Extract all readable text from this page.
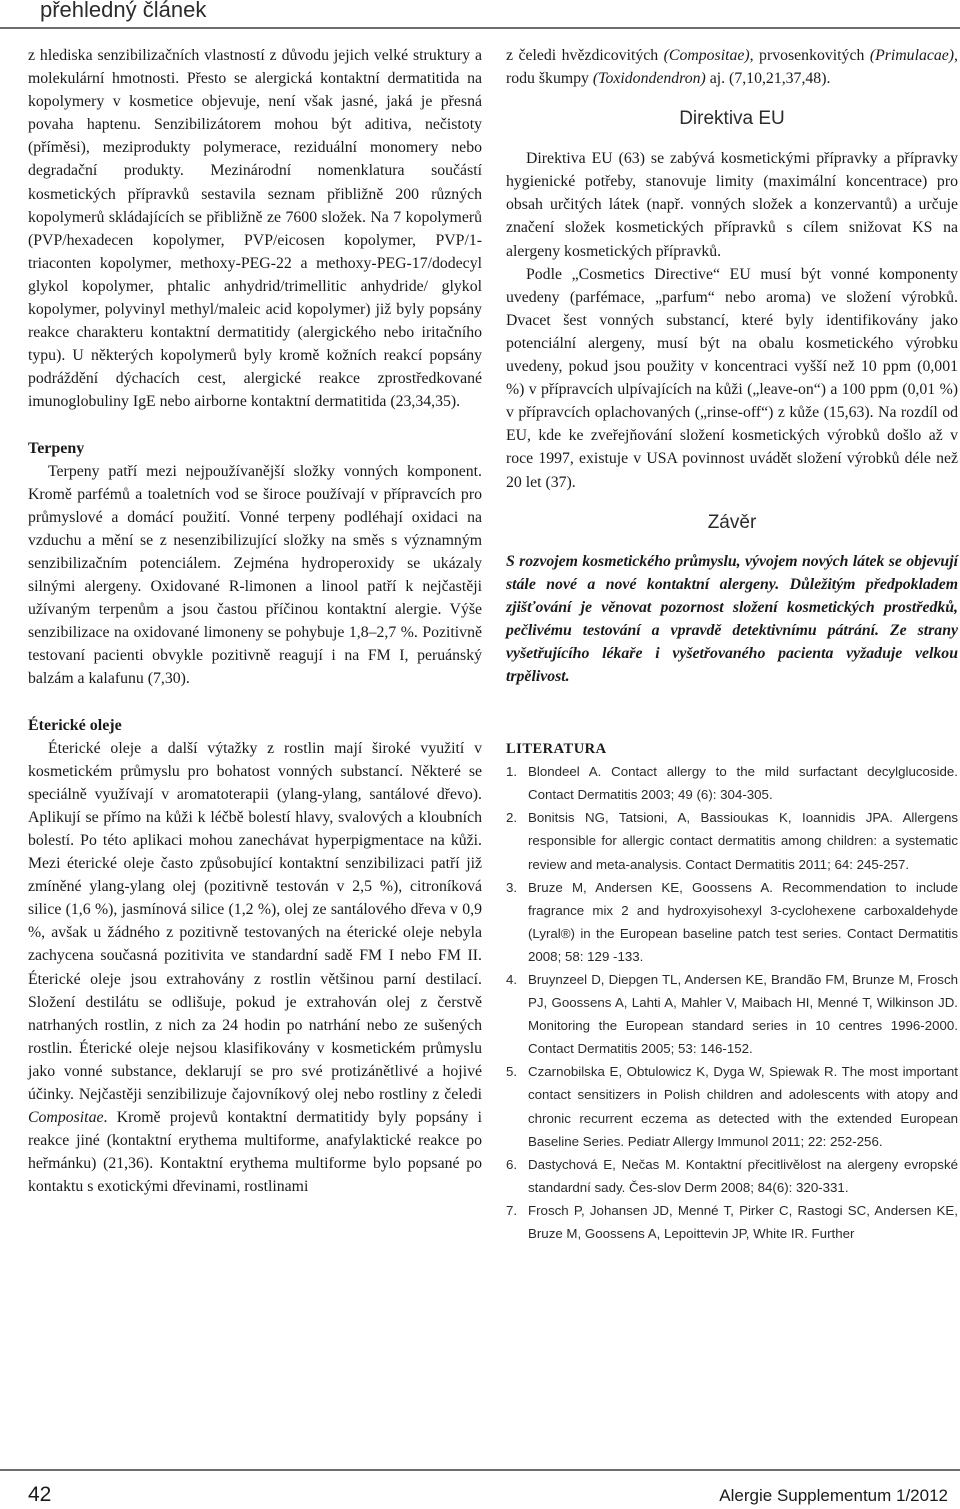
přehledný článek

z hlediska senzibilizačních vlastností z důvodu jejich velké struktury a molekulární hmotnosti. Přesto se alergická kontaktní dermatitida na kopolymery v kosmetice objevuje, není však jasné, jaká je přesná povaha haptenu. Senzibilizátorem mohou být aditiva, nečistoty (příměsi), meziprodukty polymerace, reziduální monomery nebo degradační produkty. Mezinárodní nomenklatura součástí kosmetických přípravků sestavila seznam přibližně 200 různých kopolymerů skládajících se přibližně ze 7600 složek. Na 7 kopolymerů (PVP/hexadecen kopolymer, PVP/eicosen kopolymer, PVP/1-triaconten kopolymer, methoxy-PEG-22 a methoxy-PEG-17/dodecyl glykol kopolymer, phtalic anhydrid/trimellitic anhydride/ glykol kopolymer, polyvinyl methyl/maleic acid kopolymer) již byly popsány reakce charakteru kontaktní dermatitidy (alergického nebo iritačního typu). U některých kopolymerů byly kromě kožních reakcí popsány podráždění dýchacích cest, alergické reakce zprostředkované imunoglobuliny IgE nebo airborne kontaktní dermatitida (23,34,35).

Terpeny

Terpeny patří mezi nejpoužívanější složky vonných komponent. Kromě parfémů a toaletních vod se široce používají v přípravcích pro průmyslové a domácí použití. Vonné terpeny podléhají oxidaci na vzduchu a mění se z nesenzibilizující složky na směs s významným senzibilizačním potenciálem. Zejména hydroperoxidy se ukázaly silnými alergeny. Oxidované R-limonen a linool patří k nejčastěji užívaným terpenům a jsou častou příčinou kontaktní alergie. Výše senzibilizace na oxidované limoneny se pohybuje 1,8–2,7 %. Pozitivně testovaní pacienti obvykle pozitivně reagují i na FM I, peruánský balzám a kalafunu (7,30).

Éterické oleje

Éterické oleje a další výtažky z rostlin mají široké využití v kosmetickém průmyslu pro bohatost vonných substancí. Některé se speciálně využívají v aromatoterapii (ylang-ylang, santálové dřevo). Aplikují se přímo na kůži k léčbě bolestí hlavy, svalových a kloubních bolestí. Po této aplikaci mohou zanechávat hyperpigmentace na kůži. Mezi éterické oleje často způsobující kontaktní senzibilizaci patří již zmíněné ylang-ylang olej (pozitivně testován v 2,5 %), citroníková silice (1,6 %), jasmínová silice (1,2 %), olej ze santálového dřeva v 0,9 %, avšak u žádného z pozitivně testovaných na éterické oleje nebyla zachycena současná pozitivita ve standardní sadě FM I nebo FM II. Éterické oleje jsou extrahovány z rostlin většinou parní destilací. Složení destilátu se odlišuje, pokud je extrahován olej z čerstvě natrhaných rostlin, z nich za 24 hodin po natrhání nebo ze sušených rostlin. Éterické oleje nejsou klasifikovány v kosmetickém průmyslu jako vonné substance, deklarují se pro své protizánětlivé a hojivé účinky. Nejčastěji senzibilizuje čajovníkový olej nebo rostliny z čeledi Compositae. Kromě projevů kontaktní dermatitidy byly popsány i reakce jiné (kontaktní erythema multiforme, anafylaktické reakce po heřmánku) (21,36). Kontaktní erythema multiforme bylo popsané po kontaktu s exotickými dřevinami, rostlinami

z čeledi hvězdicovitých (Compositae), prvosenkovitých (Primulacae), rodu škumpy (Toxidondendron) aj. (7,10,21,37,48).

Direktiva EU

Direktiva EU (63) se zabývá kosmetickými přípravky a přípravky hygienické potřeby, stanovuje limity (maximální koncentrace) pro obsah určitých látek (např. vonných složek a konzervantů) a určuje značení složek kosmetických přípravků s cílem snižovat KS na alergeny kosmetických přípravků.

Podle „Cosmetics Directive“ EU musí být vonné komponenty uvedeny (parfémace, „parfum“ nebo aroma) ve složení výrobků. Dvacet šest vonných substancí, které byly identifikovány jako potenciální alergeny, musí být na obalu kosmetického výrobku uvedeny, pokud jsou použity v koncentraci vyšší než 10 ppm (0,001 %) v přípravcích ulpívajících na kůži („leave-on“) a 100 ppm (0,01 %) v přípravcích oplachovaných („rinse-off“) z kůže (15,63). Na rozdíl od EU, kde ke zveřejňování složení kosmetických výrobků došlo až v roce 1997, existuje v USA povinnost uvádět složení výrobků déle než 20 let (37).

Závěr

S rozvojem kosmetického průmyslu, vývojem nových látek se objevují stále nové a nové kontaktní alergeny. Důležitým předpokladem zjišťování je věnovat pozornost složení kosmetických prostředků, pečlivému testování a vpravdě detektivnímu pátrání. Ze strany vyšetřujícího lékaře i vyšetřovaného pacienta vyžaduje velkou trpělivost.

LITERATURA

1. Blondeel A. Contact allergy to the mild surfactant decylglucoside. Contact Dermatitis 2003; 49 (6): 304-305.
2. Bonitsis NG, Tatsioni, A, Bassioukas K, Ioannidis JPA. Allergens responsible for allergic contact dermatitis among children: a systematic review and meta-analysis. Contact Dermatitis 2011; 64: 245-257.
3. Bruze M, Andersen KE, Goossens A. Recommendation to include fragrance mix 2 and hydroxyisohexyl 3-cyclohexene carboxaldehyde (Lyral®) in the European baseline patch test series. Contact Dermatitis 2008; 58: 129 -133.
4. Bruynzeel D, Diepgen TL, Andersen KE, Brandão FM, Brunze M, Frosch PJ, Goossens A, Lahti A, Mahler V, Maibach HI, Menné T, Wilkinson JD. Monitoring the European standard series in 10 centres 1996-2000. Contact Dermatitis 2005; 53: 146-152.
5. Czarnobilska E, Obtulowicz K, Dyga W, Spiewak R. The most important contact sensitizers in Polish children and adolescents with atopy and chronic recurrent eczema as detected with the extended European Baseline Series. Pediatr Allergy Immunol 2011; 22: 252-256.
6. Dastychová E, Nečas M. Kontaktní přecitlivělost na alergeny evropské standardní sady. Čes-slov Derm 2008; 84(6): 320-331.
7. Frosch P, Johansen JD, Menné T, Pirker C, Rastogi SC, Andersen KE, Bruze M, Goossens A, Lepoittevin JP, White IR. Further
42	Alergie Supplementum 1/2012
